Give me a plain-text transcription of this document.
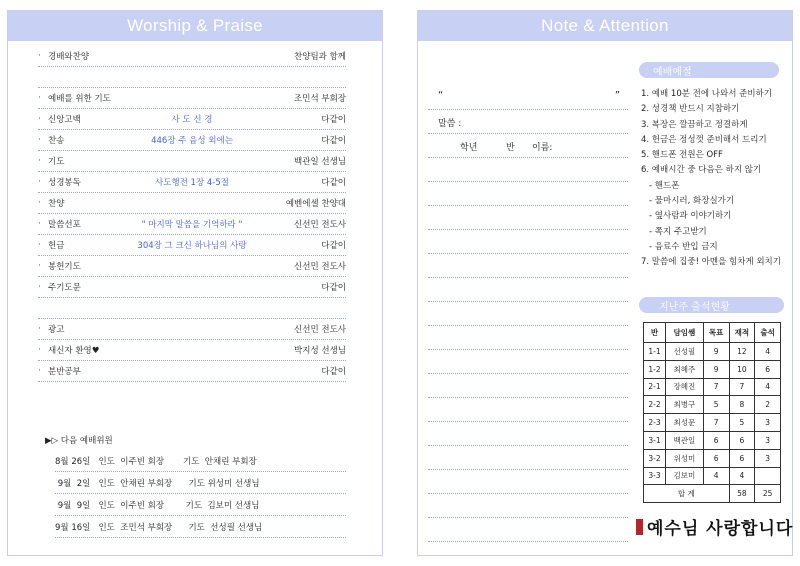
Worship & Praise
· 경배와찬양	찬양팀과 함께
· 예배를 위한 기도	조민석 부회장
· 신앙고백	사 도 신 경	다같이
· 찬송	446장 주 음성 외에는	다같이
· 기도	백관일 선생님
· 성경봉독	사도행전 1장 4-5절	다같이
· 찬양	예벤에셀 찬양대
· 말씀선포	" 마지막 말씀을 기억하라 "	신선민 전도사
· 헌금	304장 그 크신 하나님의 사랑	다같이
· 봉헌기도	신선민 전도사
· 주기도문	다같이
· 광고	신선민 전도사
· 새신자 환영♥	박지성 선생님
· 분반공부	다같이
▶▷ 다음 예배위원
8월 26일   인도  이주빈 회장       기도  안채린 부회장
9월  2일   인도  안채린 부회장      기도 위성미 선생님
9월  9일   인도  이주빈 회장        기도  김보미 선생님
9월 16일   인도  조민석 부회장      기도  선성필 선생님
Note & Attention
“	”
말씀 :
학년	반	이름:
예배예절
1. 예배 10분 전에 나와서 준비하기
2. 성경책 반드시 지참하기
3. 복장은 깔끔하고 정결하게
4. 헌금은 정성껏 준비해서 드리기
5. 핸드폰 전원은 OFF
6. 예배시간 중 다음은 하지 않기
- 핸드폰
- 물마시러, 화장실가기
- 옆사람과 이야기하기
- 쪽지 주고받기
- 음료수 반입 금지
7. 말씀에 집중! 아멘을 힘차게 외치기
지난주 출석현황
반	담임쌤	목표	재적	출석
1-1	선성필	9	12	4
1-2	최혜주	9	10	6
2-1	장혜진	7	7	4
2-2	최병구	5	8	2
2-3	최성문	7	5	3
3-1	백관일	6	6	3
3-2	위성미	6	6	3
3-3	김보미	4	4	
합 계			58	25
예수님 사랑합니다
